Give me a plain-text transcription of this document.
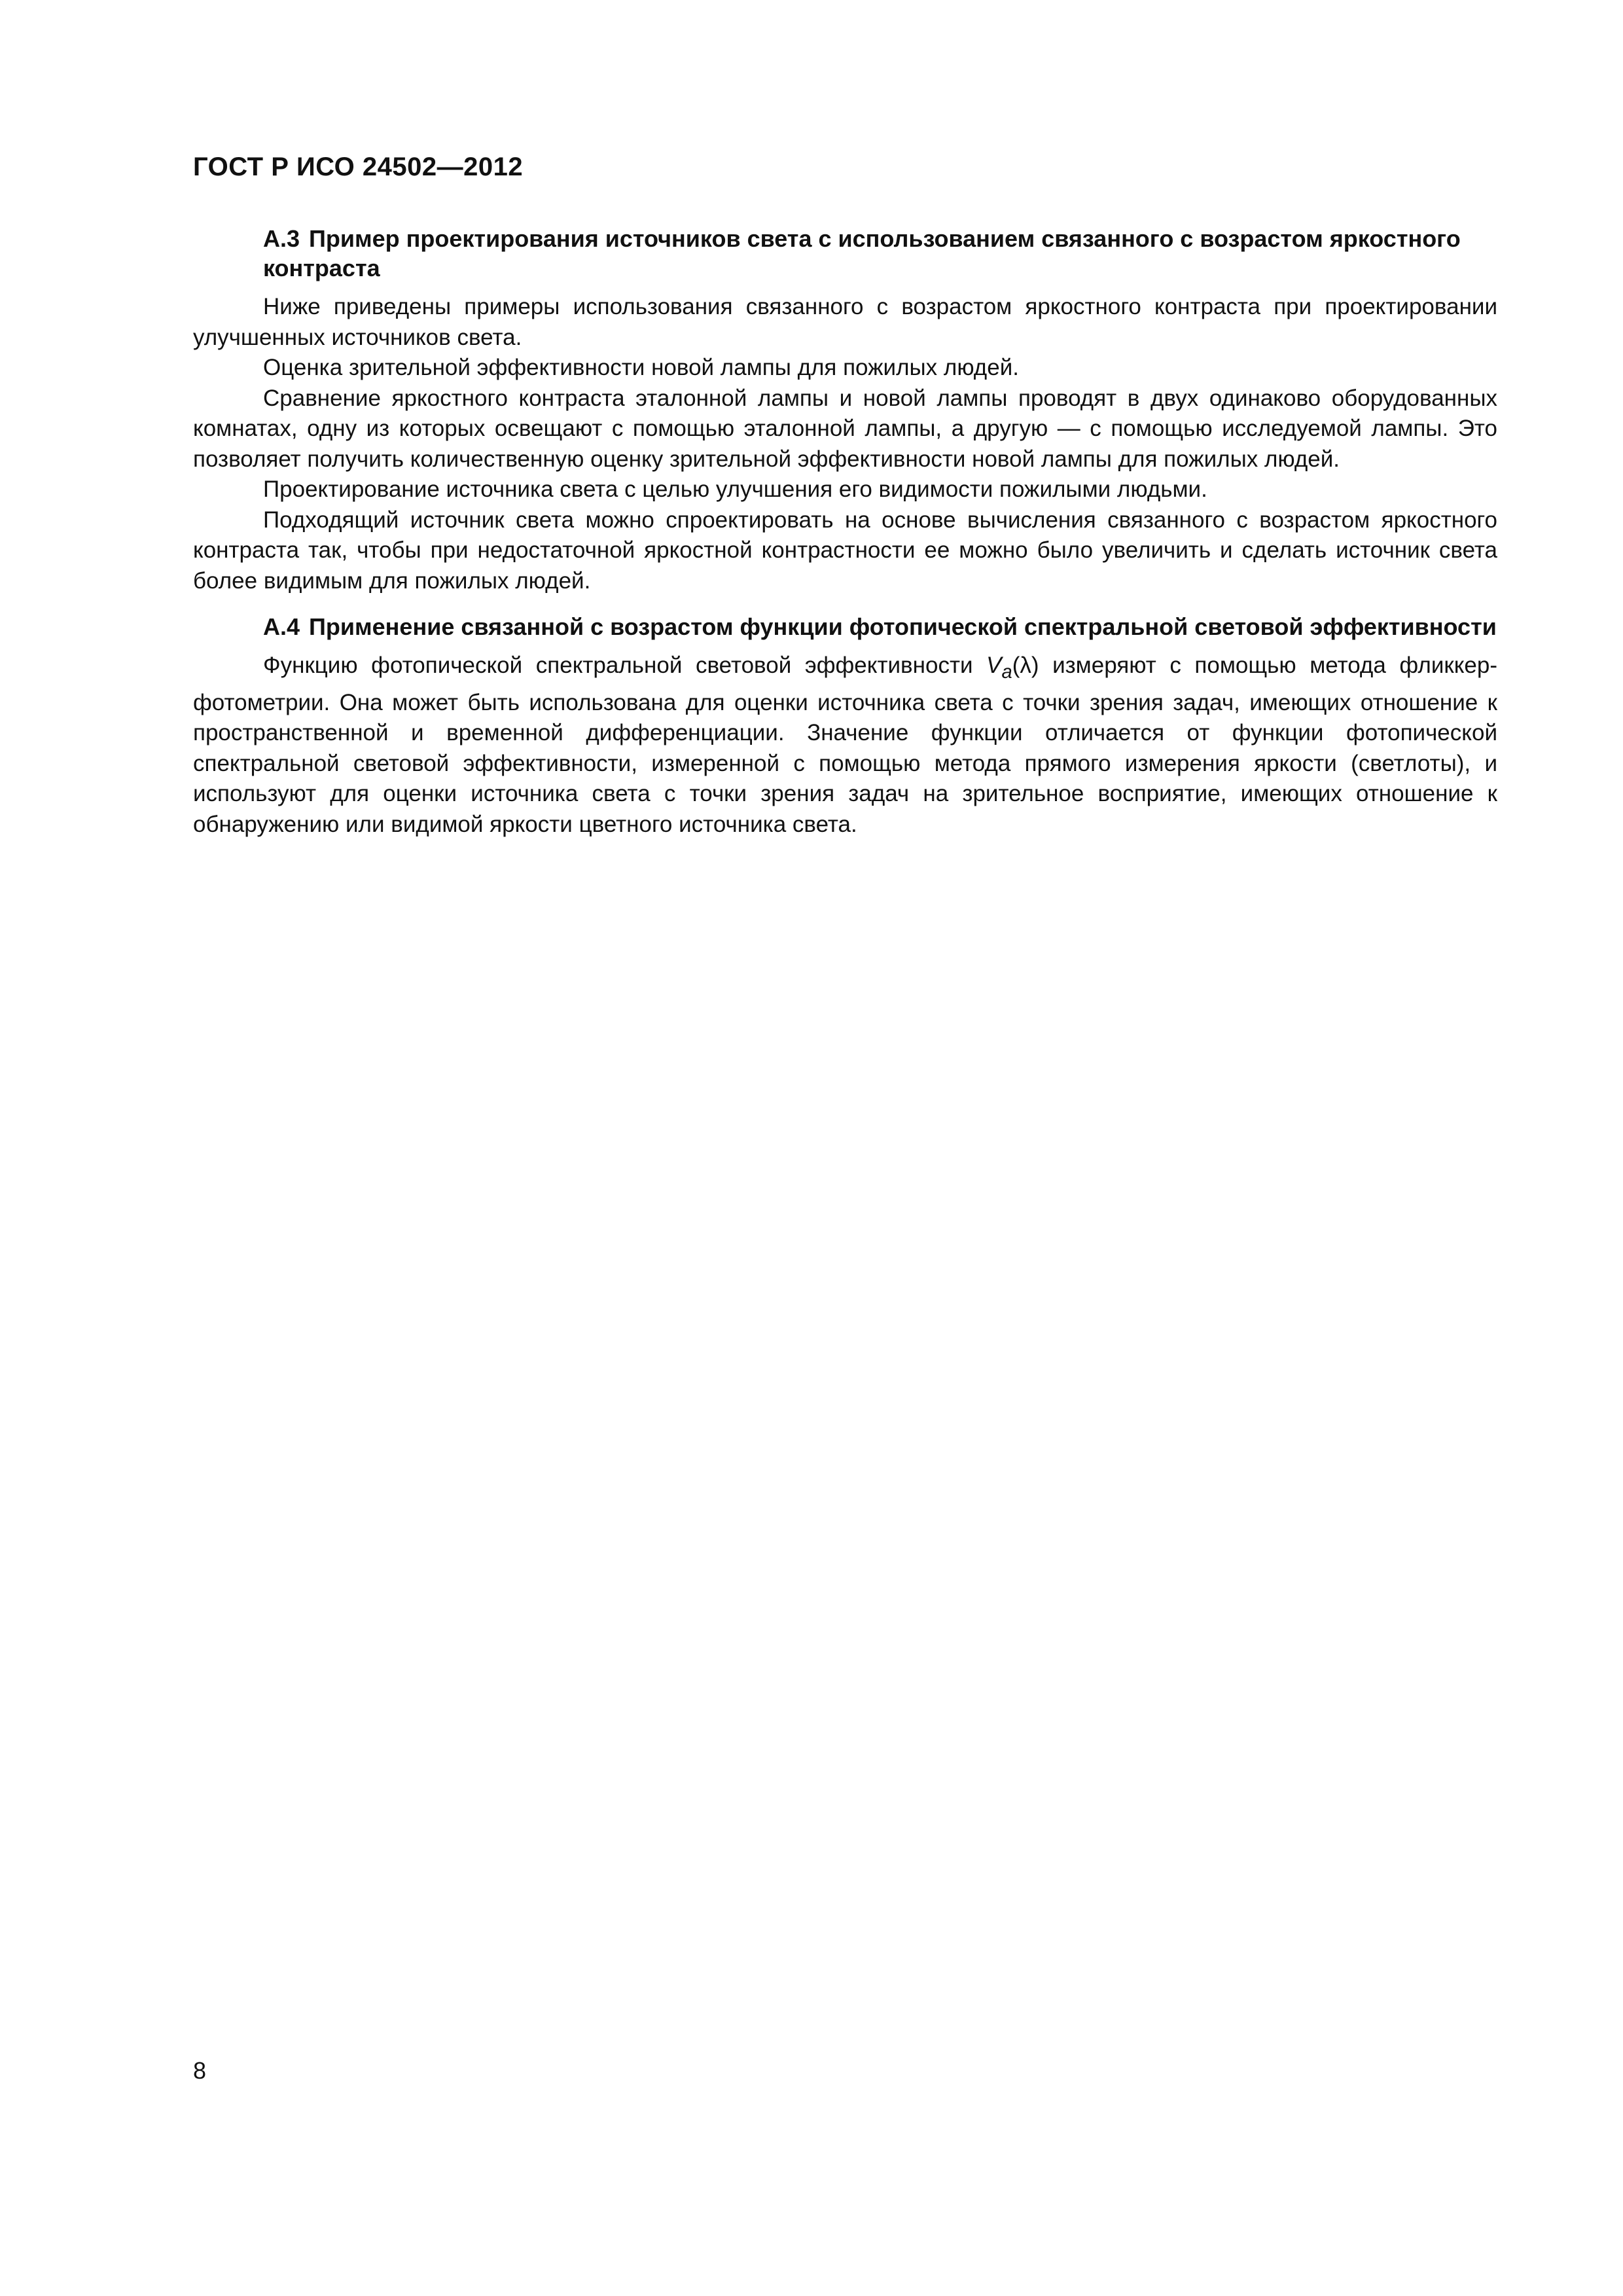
ГОСТ Р ИСО 24502—2012
А.3 Пример проектирования источников света с использованием связанного с возрастом яркостного контраста

Ниже приведены примеры использования связанного с возрастом яркостного контраста при проектировании улучшенных источников света.

Оценка зрительной эффективности новой лампы для пожилых людей.

Сравнение яркостного контраста эталонной лампы и новой лампы проводят в двух одинаково оборудованных комнатах, одну из которых освещают с помощью эталонной лампы, а другую — с помощью исследуемой лампы. Это позволяет получить количественную оценку зрительной эффективности новой лампы для пожилых людей.

Проектирование источника света с целью улучшения его видимости пожилыми людьми.

Подходящий источник света можно спроектировать на основе вычисления связанного с возрастом яркостного контраста так, чтобы при недостаточной яркостной контрастности ее можно было увеличить и сделать источник света более видимым для пожилых людей.

А.4 Применение связанной с возрастом функции фотопической спектральной световой эффективности

Функцию фотопической спектральной световой эффективности $V_a(\lambda)$ измеряют с помощью метода фликкер-фотометрии. Она может быть использована для оценки источника света с точки зрения задач, имеющих отношение к пространственной и временной дифференциации. Значение функции отличается от функции фотопической спектральной световой эффективности, измеренной с помощью метода прямого измерения яркости (светлоты), и используют для оценки источника света с точки зрения задач на зрительное восприятие, имеющих отношение к обнаружению или видимой яркости цветного источника света.

8
